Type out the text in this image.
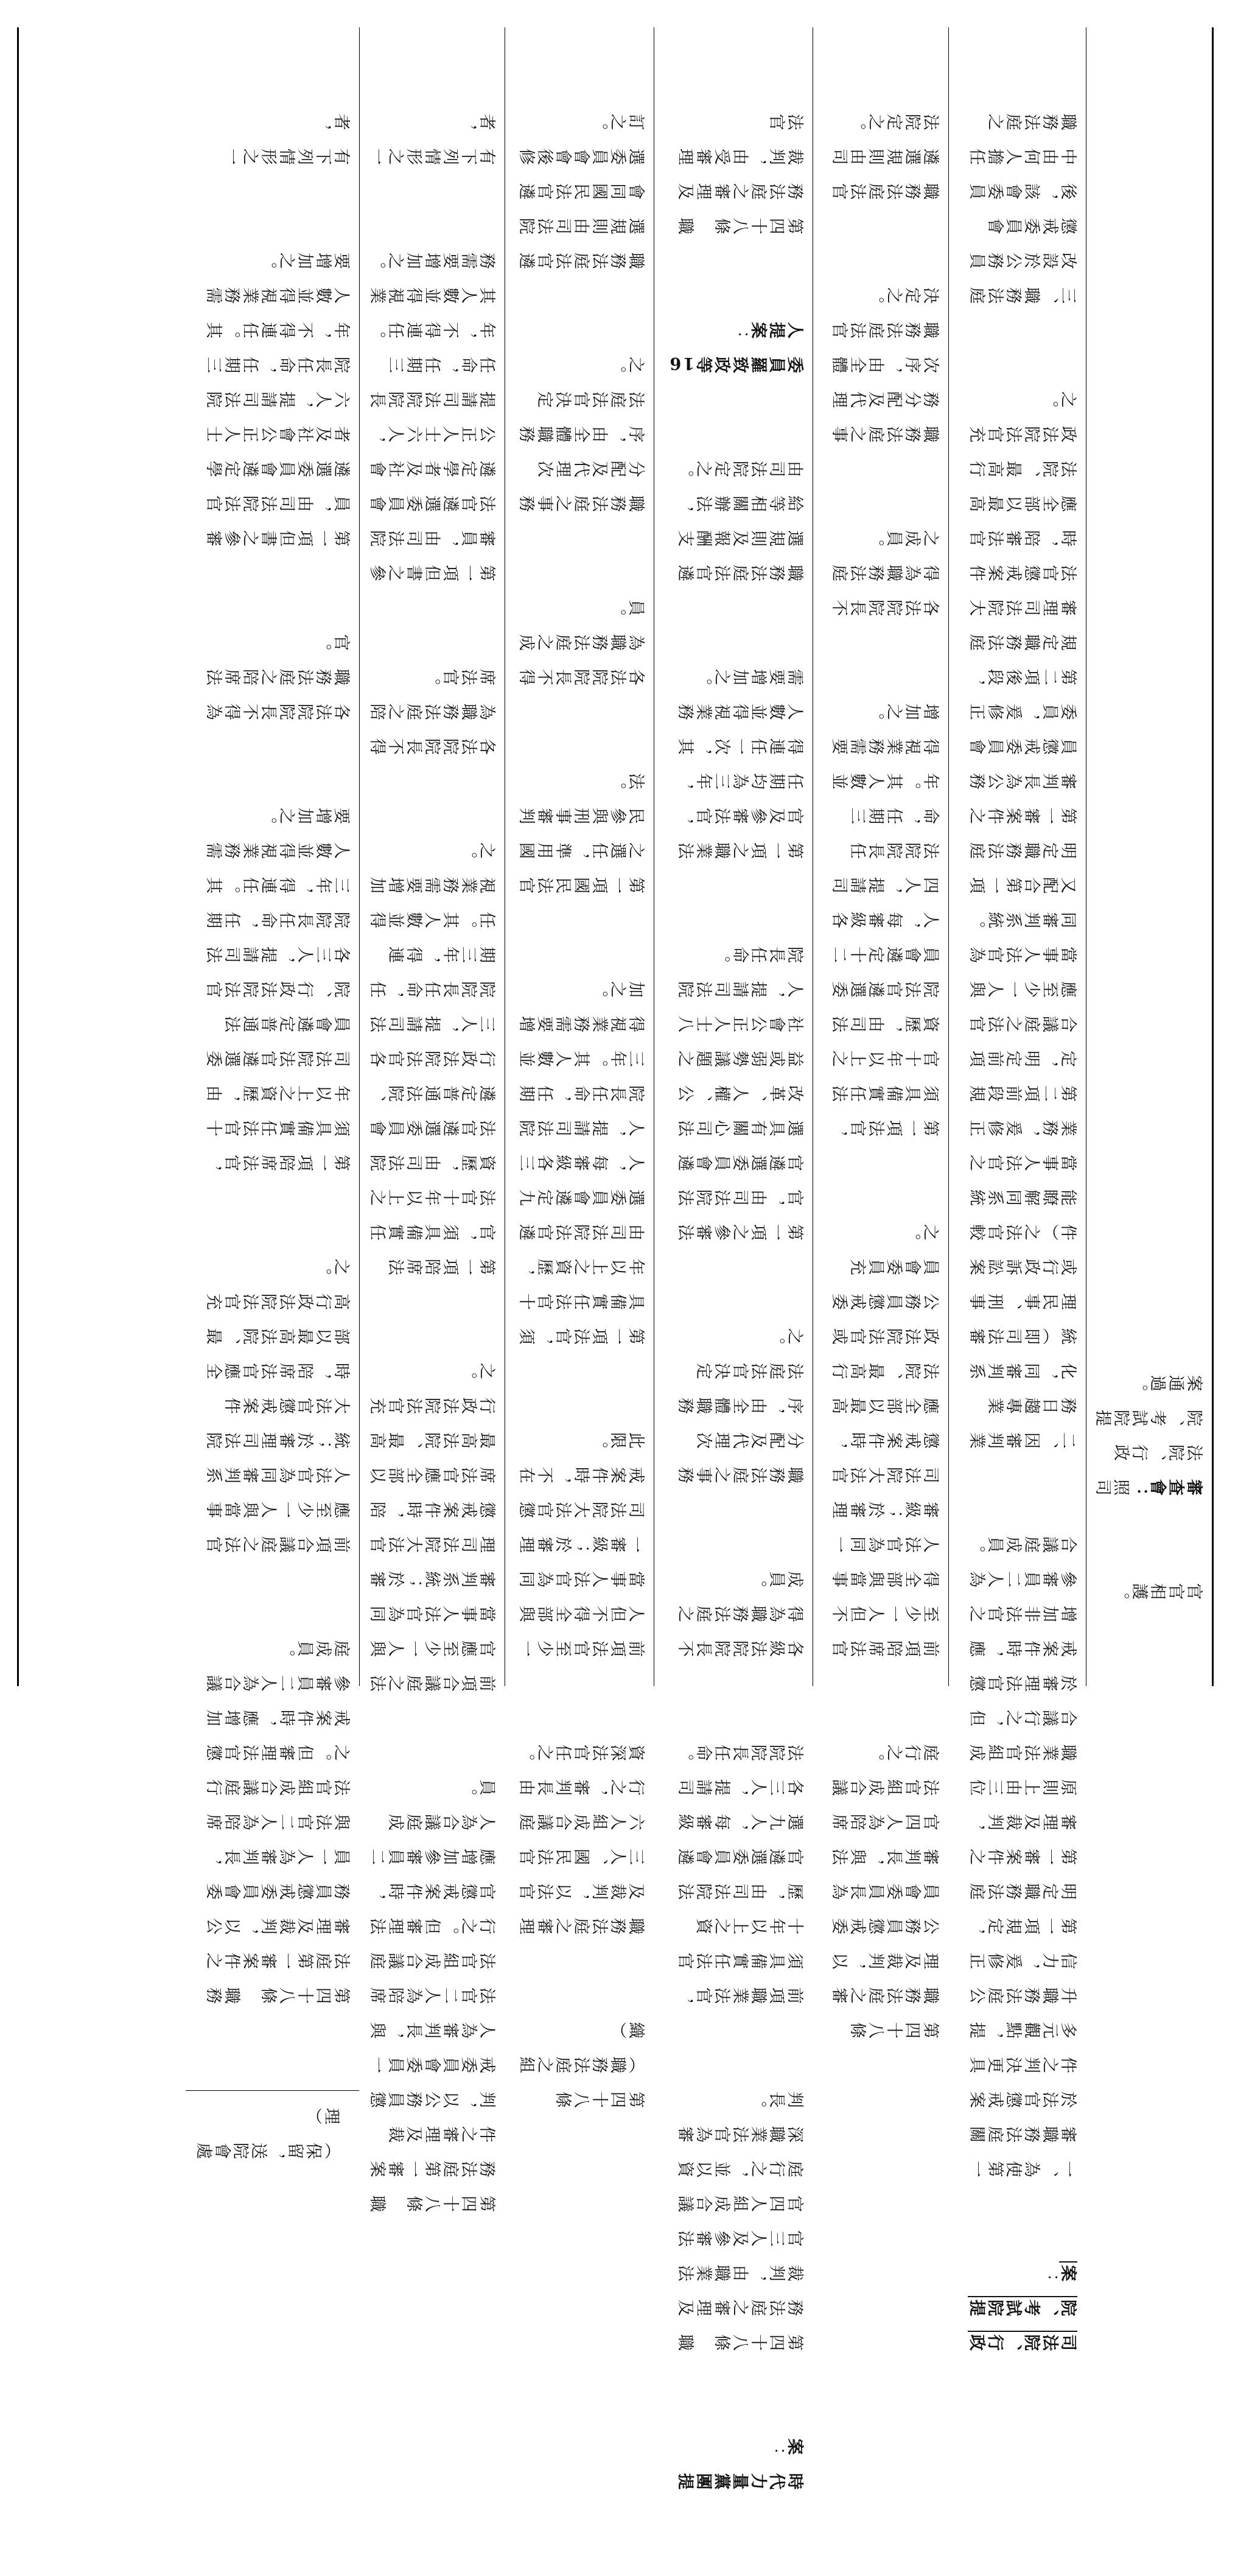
官官相護。

審查會：照司法院、行政院、考試院提案通過。

司法院、行政院、考試院提案：

一、為使第一審職務法庭關於法官懲戒案件之判決更具多元觀點，提升職務法庭公信力，爰修正第一項規定，明定職務法庭第一審案件之審理及裁判，原則上由三位職業法官組成合議行之，但於審理法官懲戒案件時，應增加非法官之參審員二人為合議庭成員。

二、因審判業務日趨專業化，同審判系統（即司法審理民事、刑事或行政訴訟案件）之法官較能瞭解同系統當事人法官之業務，爰修正第二項前段規定，明定前項合議庭之法官應至少一人與當事人法官為同審判系統。又配合第一項明定職務法庭第一審案件之審判長為公務員懲戒委員會委員，爰修正第二項後段，規定職務法庭審理司法院大法官懲戒案件時，陪審法官應全部以最高法院、最高行政法院法官充之。

三、職務法庭改設於公務員懲戒委員會後，該會委員中由何人擔任職務法庭之

第四十八條　職務法庭之審理及裁判，以公務員懲戒委員會委員長為審判長，與法官四人為陪席法官組成合議庭行之。

前項陪席法官至少一人但不得全部與當事人法官為同一審級；於審理司法院大法官懲戒案件時，應全部以最高法院、最高行政法院法官或公務員懲戒委員會委員充之。

第一項法官，須具備實任法官十年以上之資歷，由司法院法官遴選委員會遴定十二人，每審級各四人，提請司法院院長任命，任期三年。其人數並得視業務需要增加之。

各法院院長不得為職務法庭之成員。

職務法庭之事務分配及代理次序，由全體職務法庭法官決定之。

職務法庭法官遴選規則由司法院定之。

時代力量黨團提案：

第四十八條　職務法庭之審理及裁判，由職業法官三人及參審法官四人組成合議庭行之，並以資深職業法官為審判長。

前項職業法官，須具備實任法官十年以上之資歷，由司法院法官遴選委員會遴選九人，每審級各三人，提請司法院院長任命。

各級法院院長不得為職務法庭之成員。

職務法庭之事務分配及代理次序，由全體職務法庭法官決定之。

第一項之參審法官，由司法院法官遴選委員會遴選具有關心司法改革、人權、公益或弱勢議題之社會公正人士八人，提請司法院院長任命。

第一項之職業法官及參審法官，任期均為三年，得連任一次，其人數並得視業務需要增加之。

職務法庭法官遴選規則及報酬支給等相關辦法，由司法院定之。

委員羅致政等16人提案：

第四十八條　職務法庭之審理及裁判，由受審理法官

第四十八條　（職務法庭之組織）

職務法庭之審理及裁判，以法官三人、國民法官六人組成合議庭行之，審判長由資深法官任之。

前項法官至少一人但不得全部與當事人法官為同一審級；於審理司法院大法官懲戒案件時，不在此限。

第一項法官，須具備實任法官十年以上之資歷，由司法院法官遴選委員會遴定九人，每審級各三人，提請司法院院長任命，任期三年。其人數並得視業務需要增加之。

第一項國民法官之選任，準用國民參與刑事審判法。

各法院院長不得為職務法庭之成員。

職務法庭之事務分配及代理次序，由全體職務法庭法官決定之。

職務法庭法官遴選規則由司法院會同國民法官遴選委員會會後修訂之。

第四十八條　職務法庭第一審案件之審理及裁判，以公務員懲戒委員會委員一人為審判長，與法官二人為陪席法官組成合議庭行之。但審理法官懲戒案件時，應增加參審員二人為合議庭成員。

前項合議庭之法官應至少一人與當事人法官為同審判系統；於審理司法院大法官懲戒案件時，陪席法官應全部以最高法院、最高行政法院法官充之。

第一項陪席法官，須具備實任法官十年以上之資歷，由司法院法官遴選委員會遴定普通法院、行政法院法官各三人，提請司法院院長任命，任期三年，得連任。其人數並得視業務需要增加之。

各法院院長不得為職務法庭之陪席法官。

第一項但書之參審員，由司法院法官遴選委員會遴定學者及社會公正人士六人，提請司法院院長任命，任期三年，不得連任。其人數並得視業務需要增加之。

有下列情形之一者，

第四十八條　職務法庭第一審案件之審理及裁判，以公務員懲戒委員會委員一人為審判長，與法官二人為陪席法官組成合議庭行之。但審理法官懲戒案件時，應增加參審員二人為合議庭成員。

前項合議庭之法官應至少一人與當事人法官為同審判系統；於審理司法院大法官懲戒案件時，陪席法官應全部以最高法院、最高行政法院法官充之。

第一項陪席法官，須具備實任法官十年以上之資歷，由司法院法官遴選委員會遴定普通法院、行政法院法官各三人，提請司法院院長任命，任期三年，得連任。其人數並得視業務需要增加之。

各法院院長不得為職務法庭之陪席法官。

第一項但書之參審員，由司法院法官遴選委員會遴定學者及社會公正人士六人，提請司法院院長任命，任期三年，不得連任。其人數並得視業務需要增加之。

有下列情形之一者，

（保留，送院會處理）
